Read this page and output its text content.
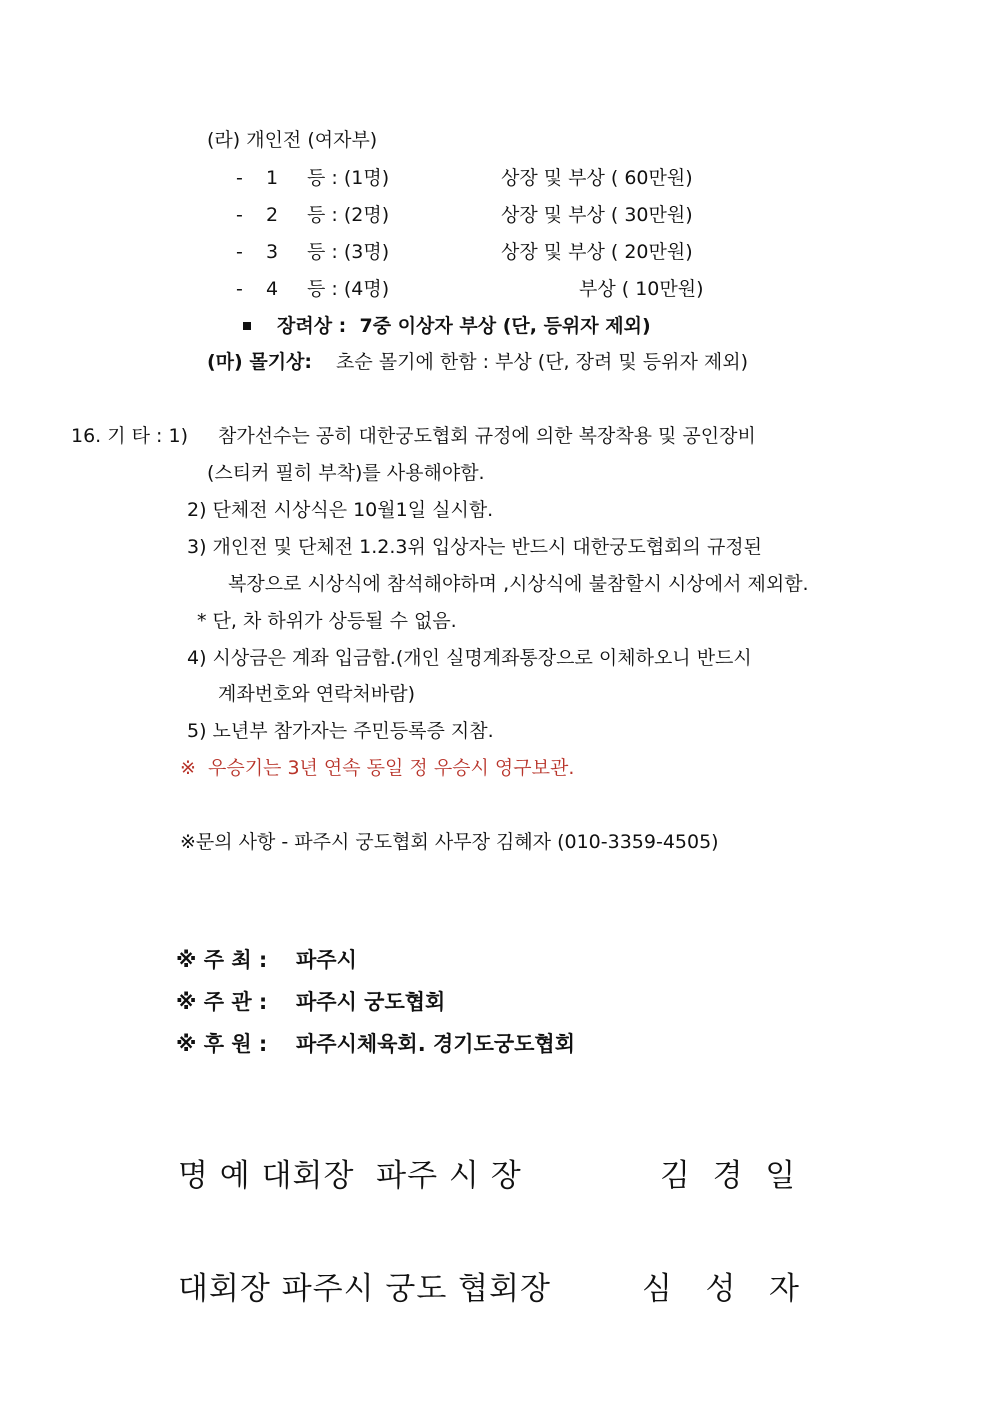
(라) 개인전 (여자부)
- 1 등 : (1명)	상장 및 부상 ( 60만원)
- 2 등 : (2명)	상장 및 부상 ( 30만원)
- 3 등 : (3명)	상장 및 부상 ( 20만원)
- 4 등 : (4명)	부상 ( 10만원)
장려상 :  7중 이상자 부상 (단, 등위자 제외)
(마) 몰기상: 초순 몰기에 한함 : 부상 (단, 장려 및 등위자 제외)
16. 기 타 : 1) 참가선수는 공히 대한궁도협회 규정에 의한 복장착용 및 공인장비
(스티커 필히 부착)를 사용해야함.
2) 단체전 시상식은 10월1일 실시함.
3) 개인전 및 단체전 1.2.3위 입상자는 반드시 대한궁도협회의 규정된
복장으로 시상식에 참석해야하며 ,시상식에 불참할시 시상에서 제외함.
* 단, 차 하위가 상등될 수 없음.
4) 시상금은 계좌 입금함.(개인 실명계좌통장으로 이체하오니 반드시
계좌번호와 연락처바람)
5) 노년부 참가자는 주민등록증 지참.
※  우승기는 3년 연속 동일 정 우승시 영구보관.
※문의 사항 - 파주시 궁도협회 사무장 김혜자 (010-3359-4505)
※ 주 최 : 파주시
※ 주 관 : 파주시 궁도협회
※ 후 원 : 파주시체육회. 경기도궁도협회
명 예 대회장  파주 시 장	김  경  일
대회장 파주시 궁도 협회장	심   성   자
